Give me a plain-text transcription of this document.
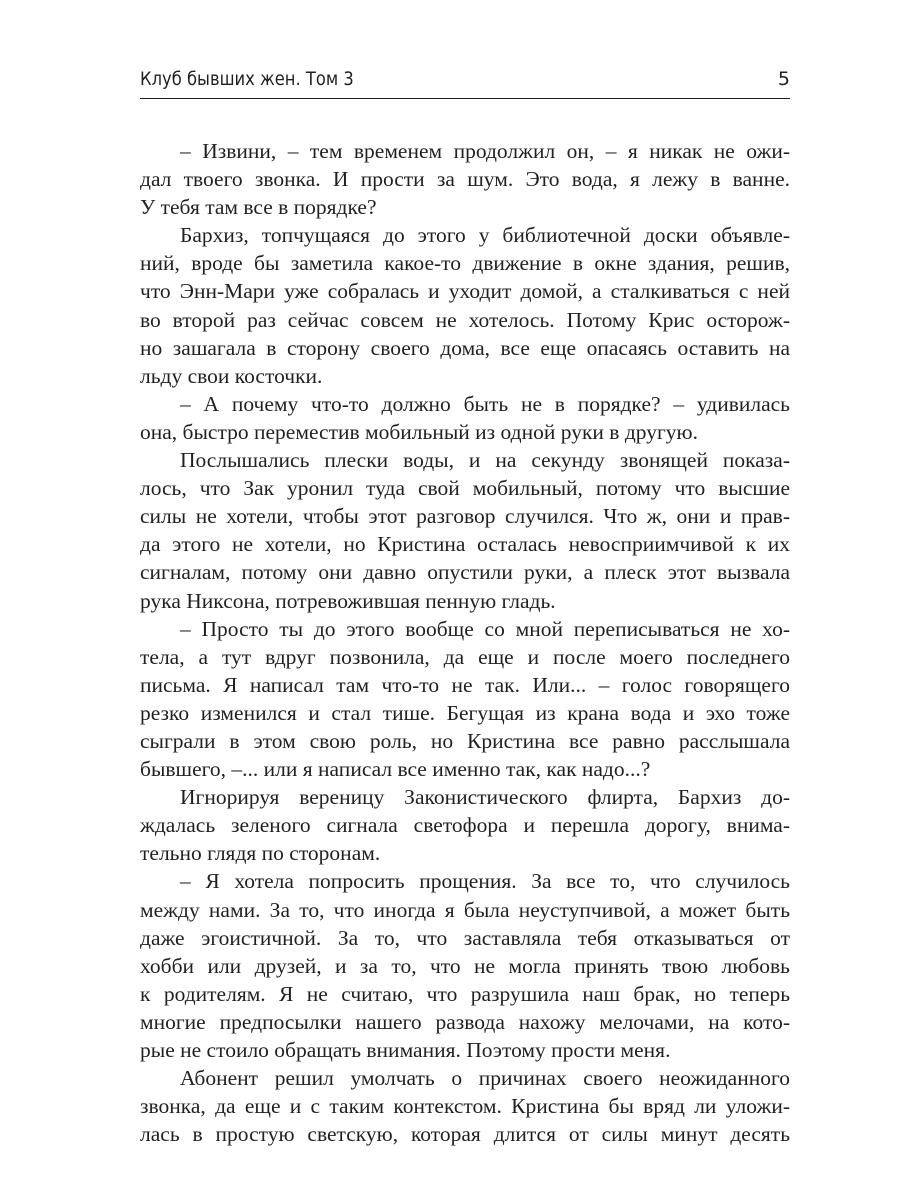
Клуб бывших жен. Том 3	5
– Извини, – тем временем продолжил он, – я никак не ожи-
дал твоего звонка. И прости за шум. Это вода, я лежу в ванне.
У тебя там все в порядке?
Бархиз, топчущаяся до этого у библиотечной доски объявле-
ний, вроде бы заметила какое-то движение в окне здания, решив,
что Энн-Мари уже собралась и уходит домой, а сталкиваться с ней
во второй раз сейчас совсем не хотелось. Потому Крис осторож-
но зашагала в сторону своего дома, все еще опасаясь оставить на
льду свои косточки.
– А почему что-то должно быть не в порядке? – удивилась
она, быстро переместив мобильный из одной руки в другую.
Послышались плески воды, и на секунду звонящей показа-
лось, что Зак уронил туда свой мобильный, потому что высшие
силы не хотели, чтобы этот разговор случился. Что ж, они и прав-
да этого не хотели, но Кристина осталась невосприимчивой к их
сигналам, потому они давно опустили руки, а плеск этот вызвала
рука Никсона, потревожившая пенную гладь.
– Просто ты до этого вообще со мной переписываться не хо-
тела, а тут вдруг позвонила, да еще и после моего последнего
письма. Я написал там что-то не так. Или... – голос говорящего
резко изменился и стал тише. Бегущая из крана вода и эхо тоже
сыграли в этом свою роль, но Кристина все равно расслышала
бывшего, –... или я написал все именно так, как надо...?
Игнорируя вереницу Законистического флирта, Бархиз до-
ждалась зеленого сигнала светофора и перешла дорогу, внима-
тельно глядя по сторонам.
– Я хотела попросить прощения. За все то, что случилось
между нами. За то, что иногда я была неуступчивой, а может быть
даже эгоистичной. За то, что заставляла тебя отказываться от
хобби или друзей, и за то, что не могла принять твою любовь
к родителям. Я не считаю, что разрушила наш брак, но теперь
многие предпосылки нашего развода нахожу мелочами, на кото-
рые не стоило обращать внимания. Поэтому прости меня.
Абонент решил умолчать о причинах своего неожиданного
звонка, да еще и с таким контекстом. Кристина бы вряд ли уложи-
лась в простую светскую, которая длится от силы минут десять
